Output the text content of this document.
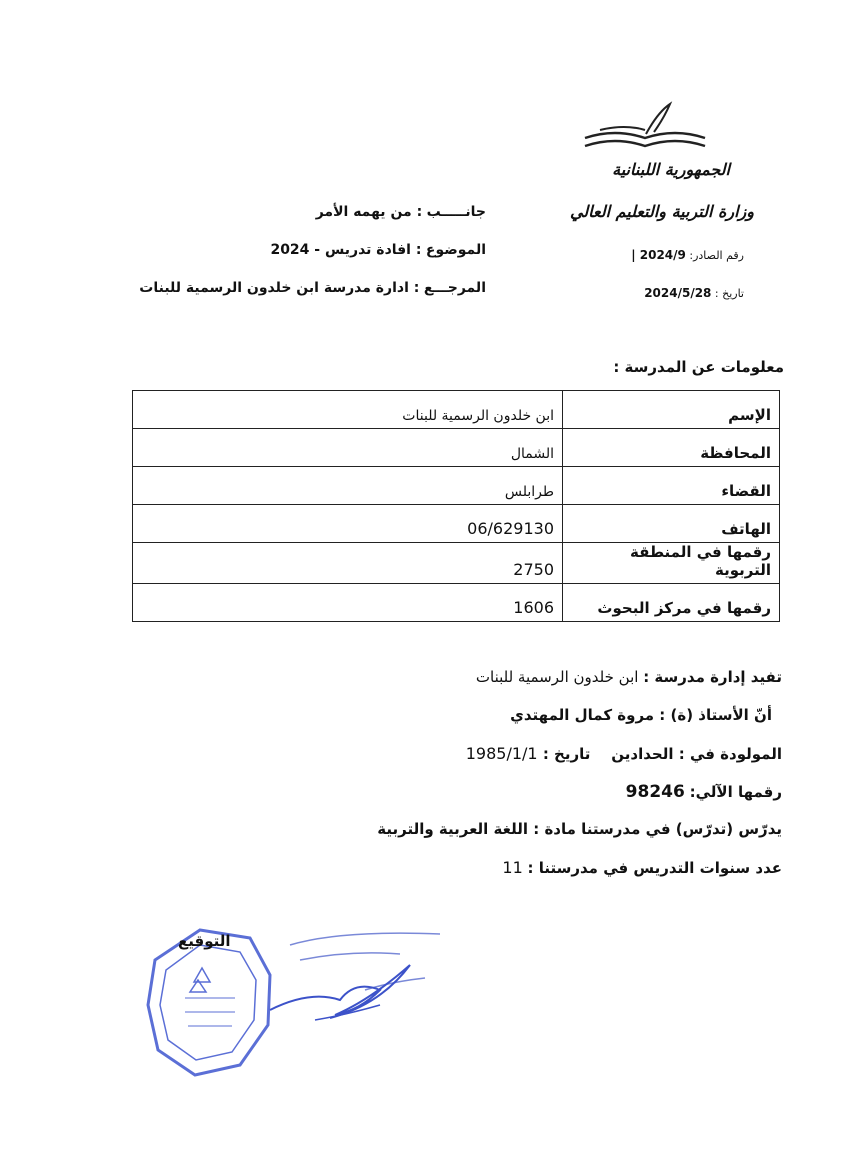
الجمهورية اللبنانية
وزارة التربية والتعليم العالي
جانـــــب : من يهمه الأمر
الموضوع : افادة تدريس - 2024
المرجـــع : ادارة مدرسة ابن خلدون الرسمية للبنات
رقم الصادر: 2024/9 |
تاريخ : 2024/5/28
معلومات عن المدرسة :
الإسم	ابن خلدون الرسمية للبنات
المحافظة	الشمال
القضاء	طرابلس
الهاتف	06/629130
رقمها في المنطقة التربوية	2750
رقمها في مركز البحوث	1606
تفيد إدارة مدرسة : ابن خلدون الرسمية للبنات
أنّ الأستاذ (ة) : مروة كمال المهتدي
المولودة في : الحدادين    تاريخ : 1985/1/1
رقمها الآلي: 98246
يدرّس (تدرّس) في مدرستنا مادة : اللغة العربية والتربية
عدد سنوات التدريس في مدرستنا : 11
التوقيع
